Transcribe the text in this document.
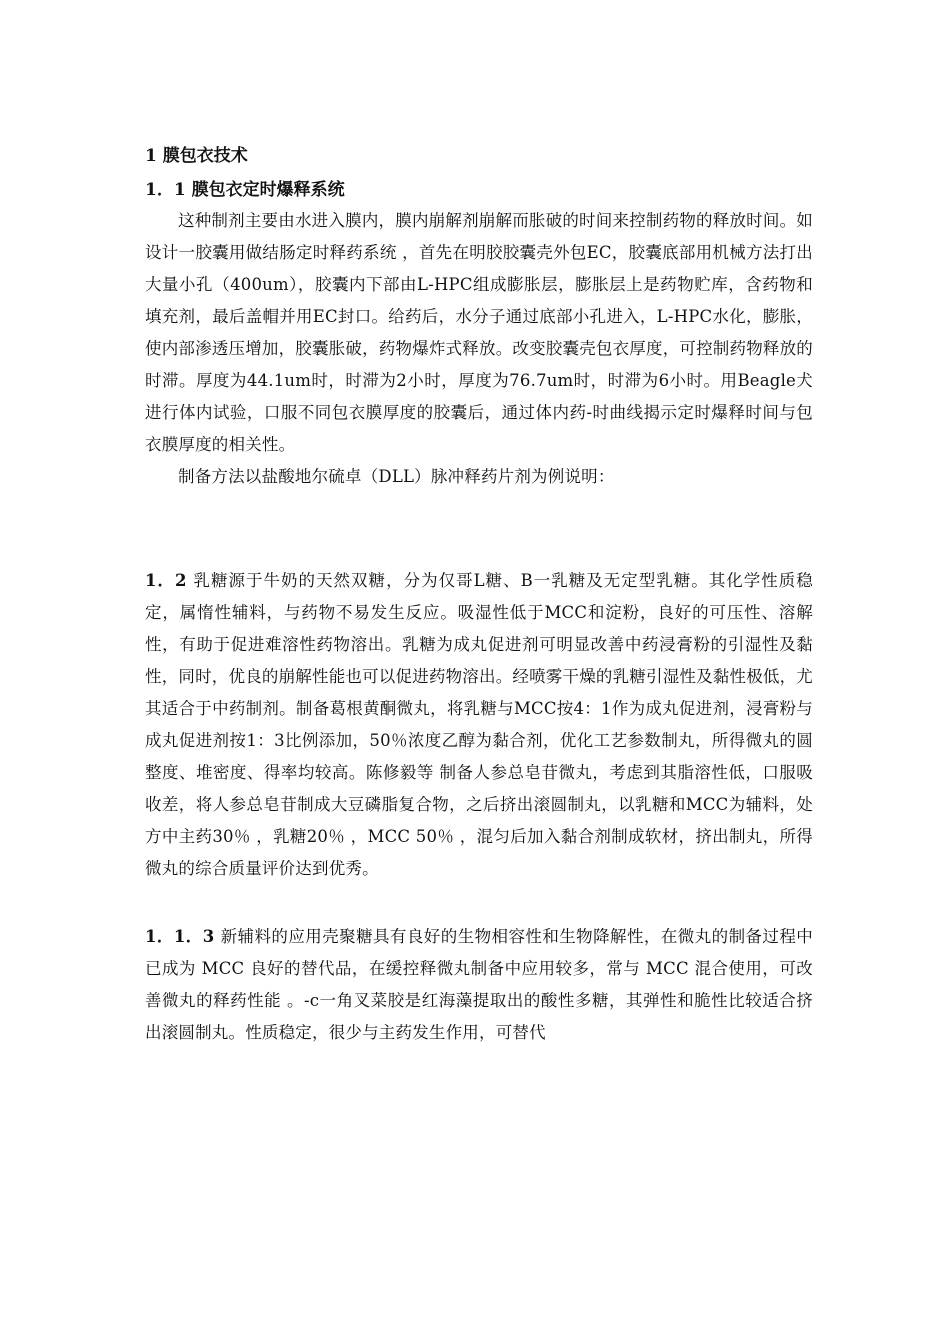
1 膜包衣技术

1．1 膜包衣定时爆释系统

这种制剂主要由水进入膜内，膜内崩解剂崩解而胀破的时间来控制药物的释放时间。如设计一胶囊用做结肠定时释药系统 ，首先在明胶胶囊壳外包EC，胶囊底部用机械方法打出大量小孔（400um），胶囊内下部由L-HPC组成膨胀层，膨胀层上是药物贮库，含药物和填充剂，最后盖帽并用EC封口。给药后，水分子通过底部小孔进入，L-HPC水化，膨胀，使内部渗透压增加，胶囊胀破，药物爆炸式释放。改变胶囊壳包衣厚度，可控制药物释放的时滞。厚度为44.1um时，时滞为2小时，厚度为76.7um时，时滞为6小时。用Beagle犬进行体内试验，口服不同包衣膜厚度的胶囊后，通过体内药-时曲线揭示定时爆释时间与包衣膜厚度的相关性。

制备方法以盐酸地尔硫卓（DLL）脉冲释药片剂为例说明：

1．2 乳糖源于牛奶的天然双糖，分为仅哥L糖、B一乳糖及无定型乳糖。其化学性质稳定，属惰性辅料，与药物不易发生反应。吸湿性低于MCC和淀粉，良好的可压性、溶解性，有助于促进难溶性药物溶出。乳糖为成丸促进剂可明显改善中药浸膏粉的引湿性及黏性，同时，优良的崩解性能也可以促进药物溶出。经喷雾干燥的乳糖引湿性及黏性极低，尤其适合于中药制剂。制备葛根黄酮微丸，将乳糖与MCC按4：1作为成丸促进剂，浸膏粉与成丸促进剂按1：3比例添加，50％浓度乙醇为黏合剂，优化工艺参数制丸，所得微丸的圆整度、堆密度、得率均较高。陈修毅等 制备人参总皂苷微丸，考虑到其脂溶性低，口服吸收差，将人参总皂苷制成大豆磷脂复合物，之后挤出滚圆制丸，以乳糖和MCC为辅料，处方中主药30％ ，乳糖20％ ，MCC 50％ ，混匀后加入黏合剂制成软材，挤出制丸，所得微丸的综合质量评价达到优秀。

1．1．3 新辅料的应用壳聚糖具有良好的生物相容性和生物降解性，在微丸的制备过程中已成为 MCC 良好的替代品，在缓控释微丸制备中应用较多，常与 MCC 混合使用，可改善微丸的释药性能 。-c一角叉菜胶是红海藻提取出的酸性多糖，其弹性和脆性比较适合挤出滚圆制丸。性质稳定，很少与主药发生作用，可替代
